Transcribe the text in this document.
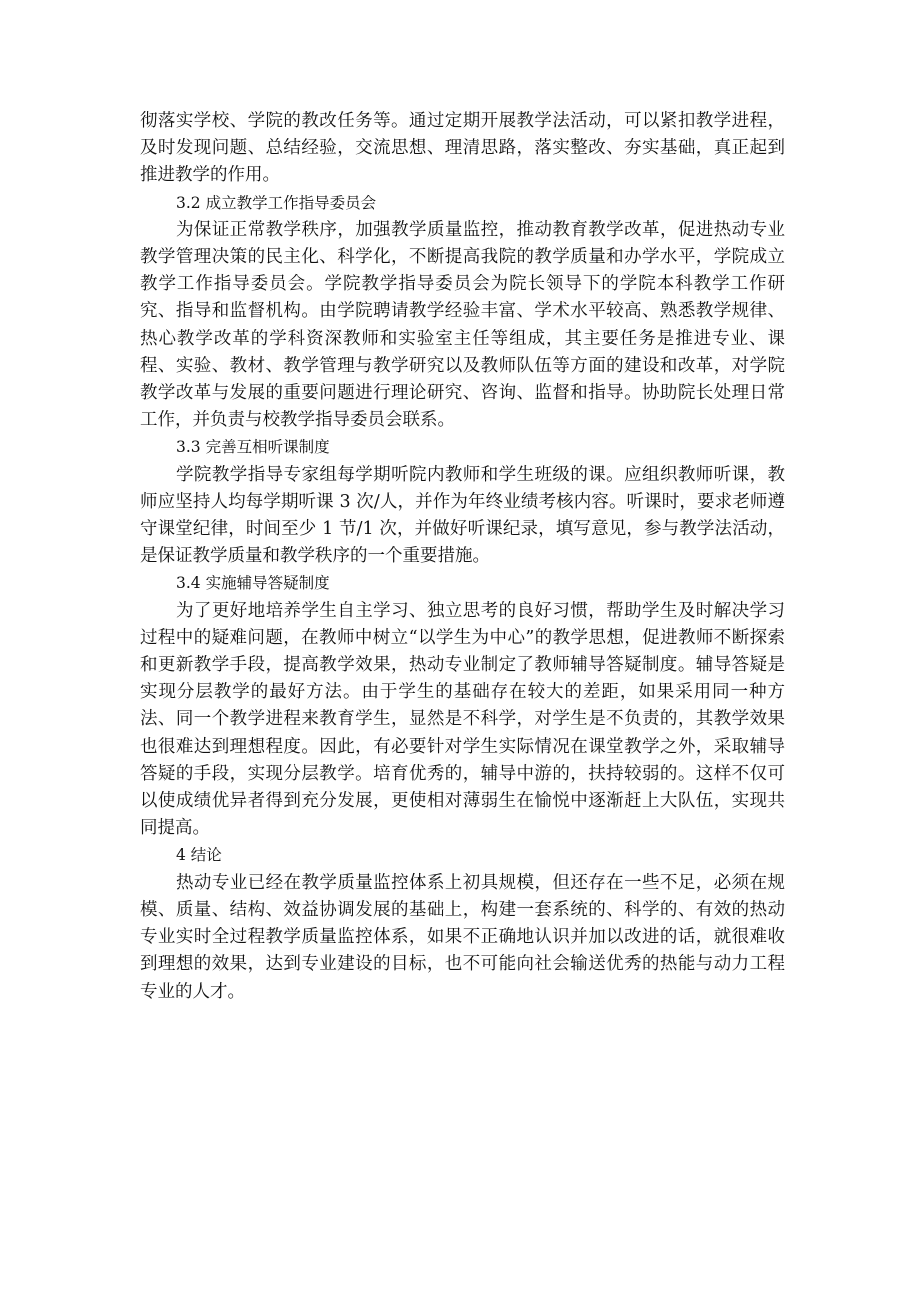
彻落实学校、学院的教改任务等。通过定期开展教学法活动，可以紧扣教学进程，及时发现问题、总结经验，交流思想、理清思路，落实整改、夯实基础，真正起到推进教学的作用。

3.2 成立教学工作指导委员会

为保证正常教学秩序，加强教学质量监控，推动教育教学改革，促进热动专业教学管理决策的民主化、科学化，不断提高我院的教学质量和办学水平，学院成立教学工作指导委员会。学院教学指导委员会为院长领导下的学院本科教学工作研究、指导和监督机构。由学院聘请教学经验丰富、学术水平较高、熟悉教学规律、热心教学改革的学科资深教师和实验室主任等组成，其主要任务是推进专业、课程、实验、教材、教学管理与教学研究以及教师队伍等方面的建设和改革，对学院教学改革与发展的重要问题进行理论研究、咨询、监督和指导。协助院长处理日常工作，并负责与校教学指导委员会联系。

3.3 完善互相听课制度

学院教学指导专家组每学期听院内教师和学生班级的课。应组织教师听课，教师应坚持人均每学期听课 3 次/人，并作为年终业绩考核内容。听课时，要求老师遵守课堂纪律，时间至少 1 节/1 次，并做好听课纪录，填写意见，参与教学法活动，是保证教学质量和教学秩序的一个重要措施。

3.4 实施辅导答疑制度

为了更好地培养学生自主学习、独立思考的良好习惯，帮助学生及时解决学习过程中的疑难问题，在教师中树立“以学生为中心”的教学思想，促进教师不断探索和更新教学手段，提高教学效果，热动专业制定了教师辅导答疑制度。辅导答疑是实现分层教学的最好方法。由于学生的基础存在较大的差距，如果采用同一种方法、同一个教学进程来教育学生，显然是不科学，对学生是不负责的，其教学效果也很难达到理想程度。因此，有必要针对学生实际情况在课堂教学之外，采取辅导答疑的手段，实现分层教学。培育优秀的，辅导中游的，扶持较弱的。这样不仅可以使成绩优异者得到充分发展，更使相对薄弱生在愉悦中逐渐赶上大队伍，实现共同提高。

4 结论

热动专业已经在教学质量监控体系上初具规模，但还存在一些不足，必须在规模、质量、结构、效益协调发展的基础上，构建一套系统的、科学的、有效的热动专业实时全过程教学质量监控体系，如果不正确地认识并加以改进的话，就很难收到理想的效果，达到专业建设的目标，也不可能向社会输送优秀的热能与动力工程专业的人才。
